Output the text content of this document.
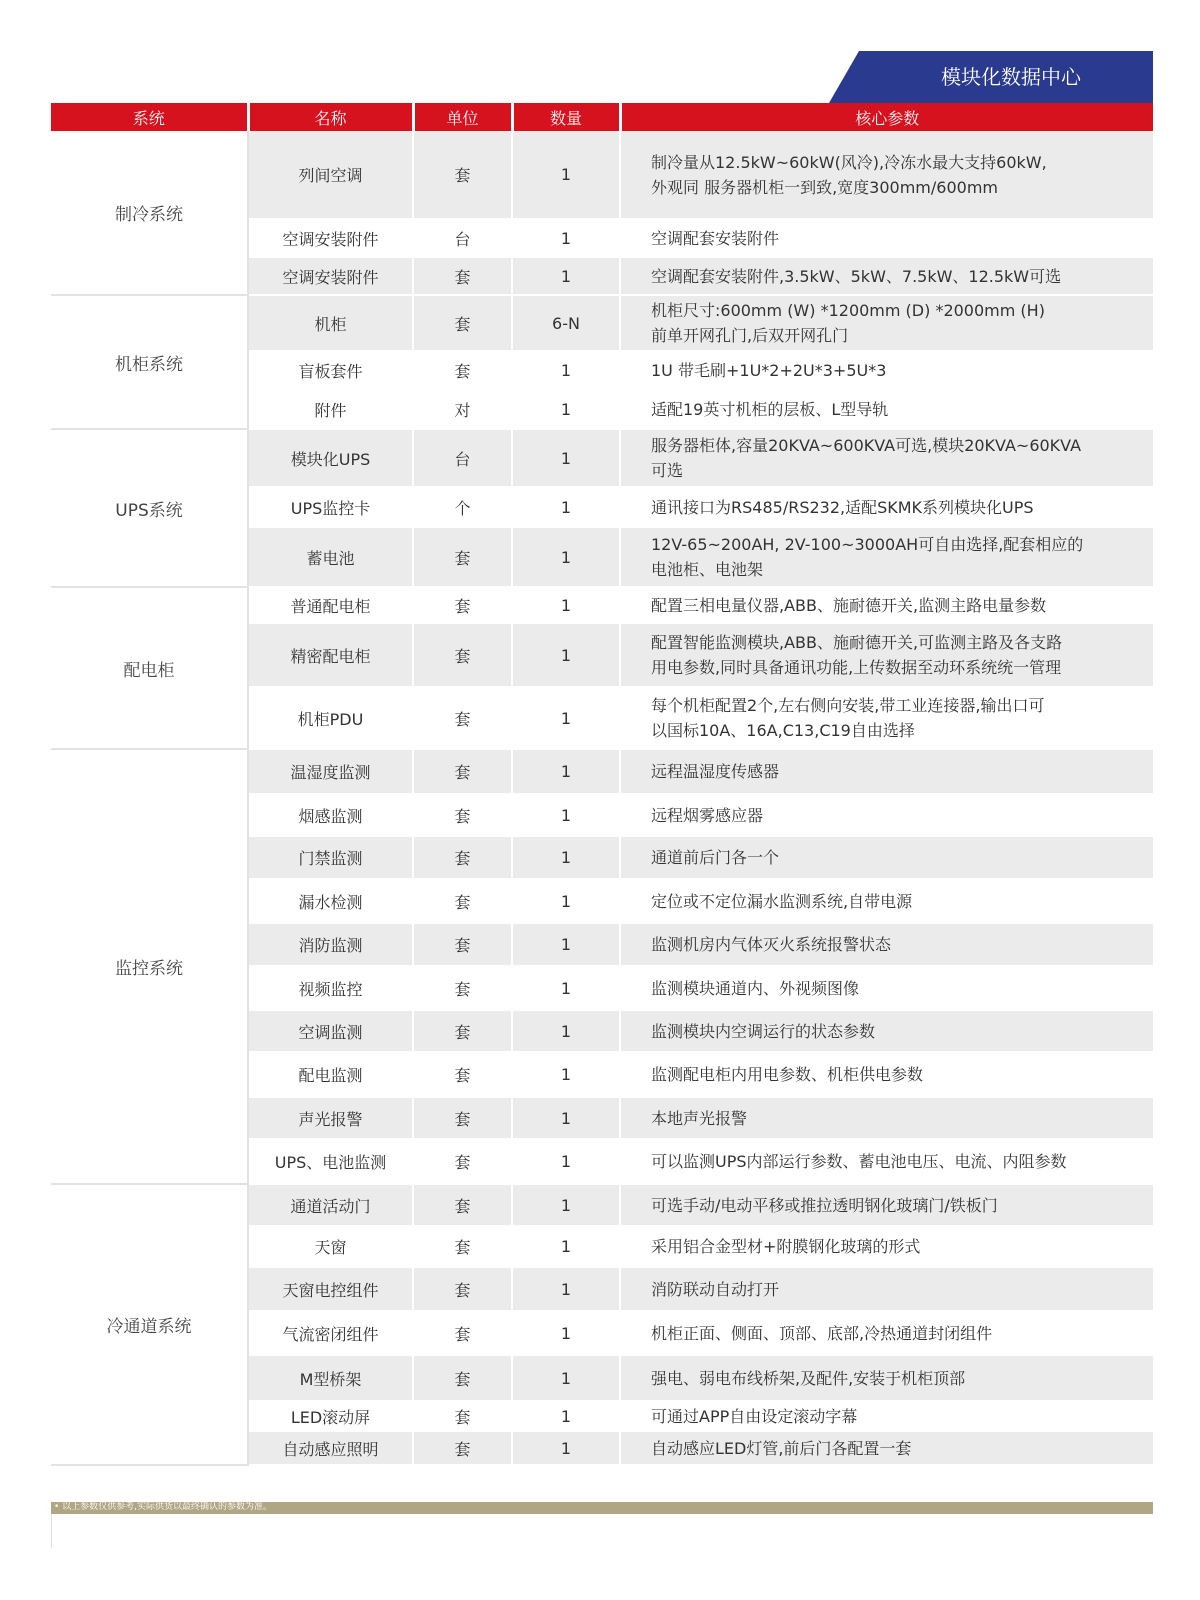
模块化数据中心
系统	名称	单位	数量	核心参数
制冷系统	列间空调	套	1	制冷量从12.5kW~60kW(风冷),冷冻水最大支持60kW,
外观同 服务器机柜一到致,宽度300mm/600mm

	空调安装附件	台	1	空调配套安装附件

	空调安装附件	套	1	空调配套安装附件,3.5kW、5kW、7.5kW、12.5kW可选

机柜系统	机柜	套	6-N	机柜尺寸:600mm (W) *1200mm (D) *2000mm (H)
前单开网孔门,后双开网孔门

	盲板套件	套	1	1U 带毛刷+1U*2+2U*3+5U*3

	附件	对	1	适配19英寸机柜的层板、L型导轨

UPS系统	模块化UPS	台	1	服务器柜体,容量20KVA~600KVA可选,模块20KVA~60KVA
可选

	UPS监控卡	个	1	通讯接口为RS485/RS232,适配SKMK系列模块化UPS

	蓄电池	套	1	12V-65~200AH, 2V-100~3000AH可自由选择,配套相应的
电池柜、电池架

配电柜	普通配电柜	套	1	配置三相电量仪器,ABB、施耐德开关,监测主路电量参数

	精密配电柜	套	1	配置智能监测模块,ABB、施耐德开关,可监测主路及各支路
用电参数,同时具备通讯功能,上传数据至动环系统统一管理

	机柜PDU	套	1	每个机柜配置2个,左右侧向安装,带工业连接器,输出口可
以国标10A、16A,C13,C19自由选择

监控系统	温湿度监测	套	1	远程温湿度传感器

	烟感监测	套	1	远程烟雾感应器

	门禁监测	套	1	通道前后门各一个

	漏水检测	套	1	定位或不定位漏水监测系统,自带电源

	消防监测	套	1	监测机房内气体灭火系统报警状态

	视频监控	套	1	监测模块通道内、外视频图像

	空调监测	套	1	监测模块内空调运行的状态参数

	配电监测	套	1	监测配电柜内用电参数、机柜供电参数

	声光报警	套	1	本地声光报警

	UPS、电池监测	套	1	可以监测UPS内部运行参数、蓄电池电压、电流、内阻参数

冷通道系统	通道活动门	套	1	可选手动/电动平移或推拉透明钢化玻璃门/铁板门

	天窗	套	1	采用铝合金型材+附膜钢化玻璃的形式

	天窗电控组件	套	1	消防联动自动打开

	气流密闭组件	套	1	机柜正面、侧面、顶部、底部,冷热通道封闭组件

	M型桥架	套	1	强电、弱电布线桥架,及配件,安装于机柜顶部

	LED滚动屏	套	1	可通过APP自由设定滚动字幕

	自动感应照明	套	1	自动感应LED灯管,前后门各配置一套
• 以上参数仅供参考,实际供货以最终确认的参数为准。
